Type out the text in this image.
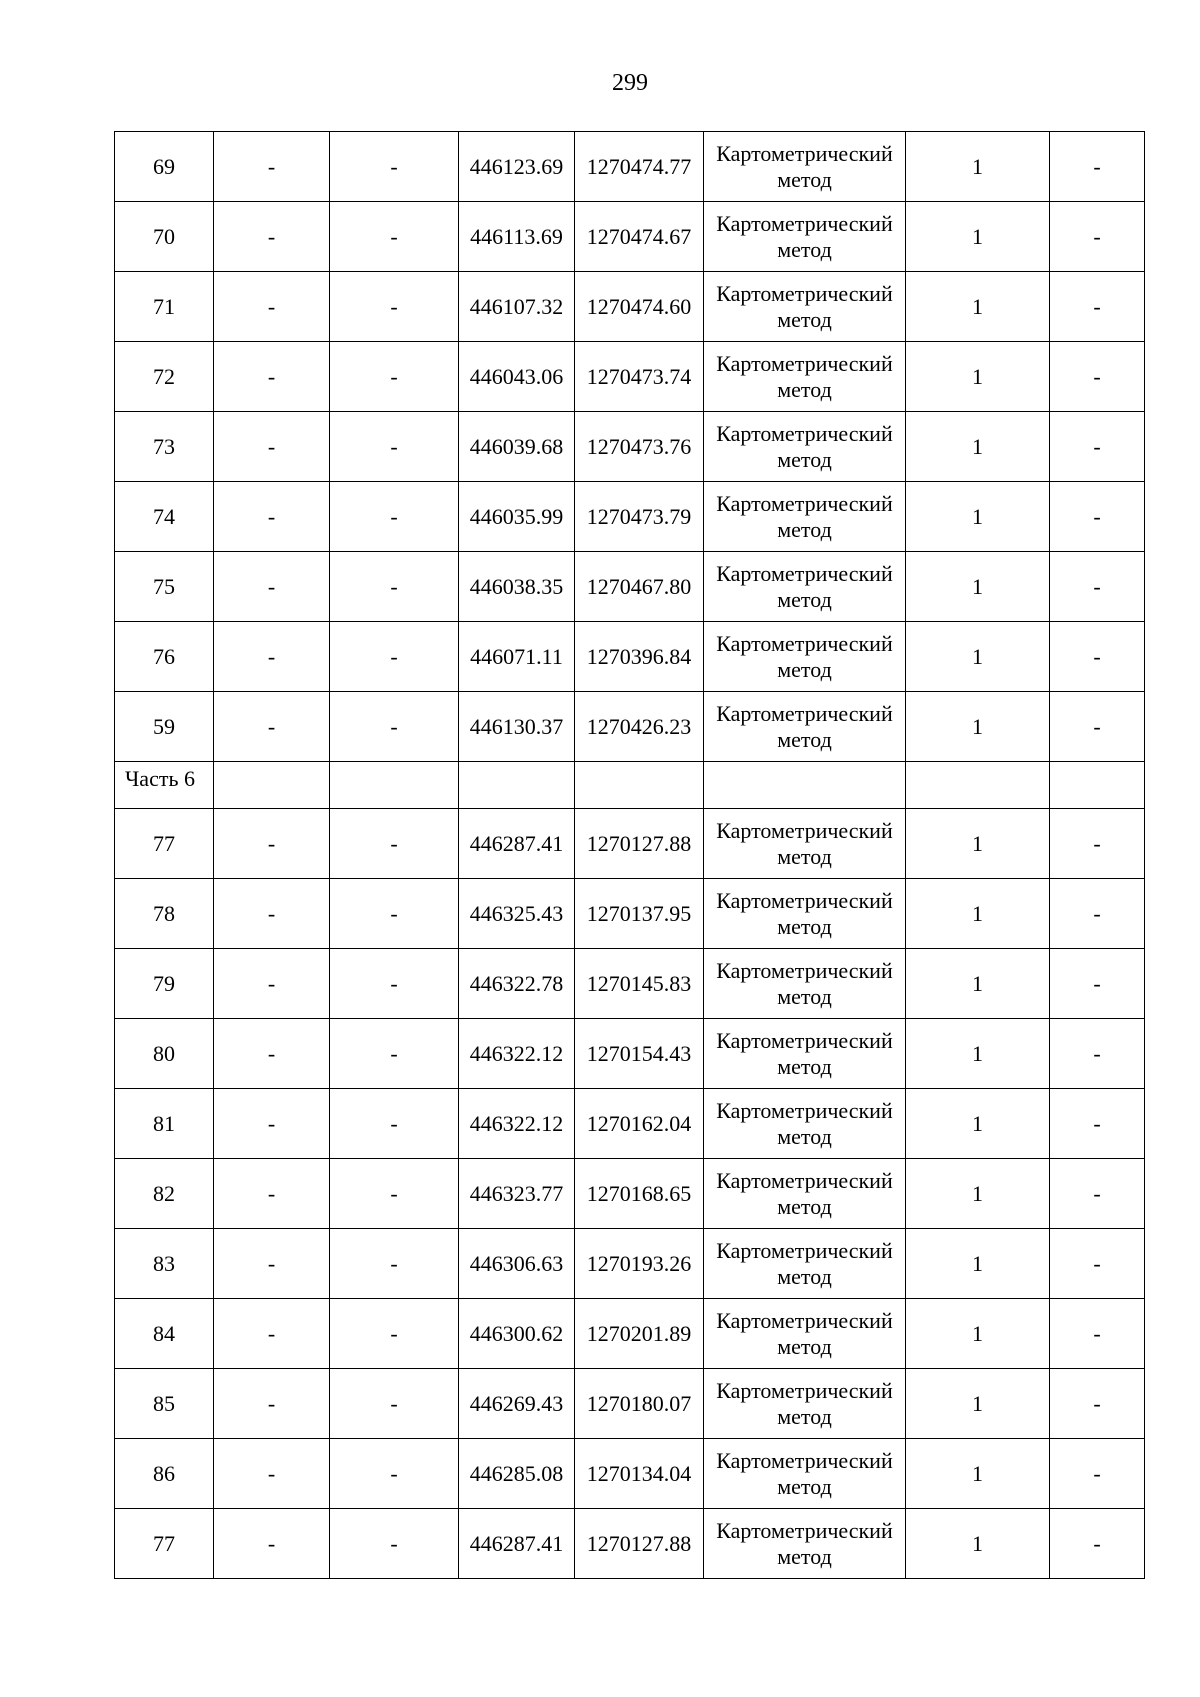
299
69	-	-	446123.69	1270474.77	Картометрический
метод	1	-
70	-	-	446113.69	1270474.67	Картометрический
метод	1	-
71	-	-	446107.32	1270474.60	Картометрический
метод	1	-
72	-	-	446043.06	1270473.74	Картометрический
метод	1	-
73	-	-	446039.68	1270473.76	Картометрический
метод	1	-
74	-	-	446035.99	1270473.79	Картометрический
метод	1	-
75	-	-	446038.35	1270467.80	Картометрический
метод	1	-
76	-	-	446071.11	1270396.84	Картометрический
метод	1	-
59	-	-	446130.37	1270426.23	Картометрический
метод	1	-
Часть 6							
77	-	-	446287.41	1270127.88	Картометрический
метод	1	-
78	-	-	446325.43	1270137.95	Картометрический
метод	1	-
79	-	-	446322.78	1270145.83	Картометрический
метод	1	-
80	-	-	446322.12	1270154.43	Картометрический
метод	1	-
81	-	-	446322.12	1270162.04	Картометрический
метод	1	-
82	-	-	446323.77	1270168.65	Картометрический
метод	1	-
83	-	-	446306.63	1270193.26	Картометрический
метод	1	-
84	-	-	446300.62	1270201.89	Картометрический
метод	1	-
85	-	-	446269.43	1270180.07	Картометрический
метод	1	-
86	-	-	446285.08	1270134.04	Картометрический
метод	1	-
77	-	-	446287.41	1270127.88	Картометрический
метод	1	-
